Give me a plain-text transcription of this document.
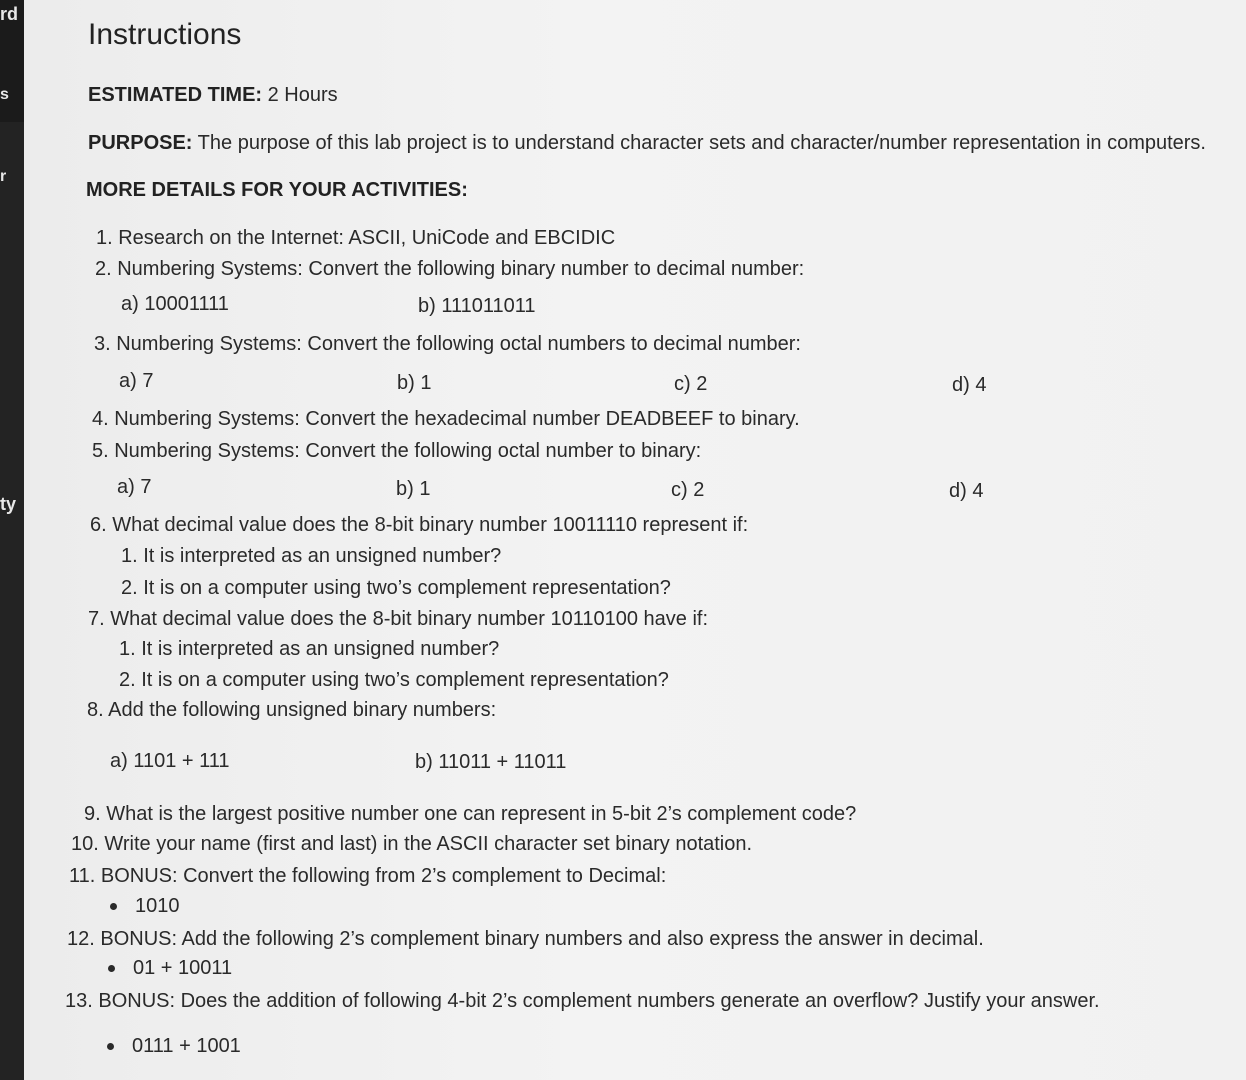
rd
s
r
ty
Instructions
ESTIMATED TIME: 2 Hours
PURPOSE: The purpose of this lab project is to understand character sets and character/number representation in computers.
MORE DETAILS FOR YOUR ACTIVITIES:
1. Research on the Internet: ASCII, UniCode and EBCIDIC
2. Numbering Systems: Convert the following binary number to decimal number:
a) 10001111	b) 111011011
3. Numbering Systems: Convert the following octal numbers to decimal number:
a) 7	b) 1	c) 2	d) 4
4. Numbering Systems: Convert the hexadecimal number DEADBEEF to binary.
5. Numbering Systems: Convert the following octal number to binary:
a) 7	b) 1	c) 2	d) 4
6. What decimal value does the 8-bit binary number 10011110 represent if:
1. It is interpreted as an unsigned number?
2. It is on a computer using two’s complement representation?
7. What decimal value does the 8-bit binary number 10110100 have if:
1. It is interpreted as an unsigned number?
2. It is on a computer using two’s complement representation?
8. Add the following unsigned binary numbers:
a) 1101 + 111	b) 11011 + 11011
9. What is the largest positive number one can represent in 5-bit 2’s complement code?
10. Write your name (first and last) in the ASCII character set binary notation.
11. BONUS: Convert the following from 2’s complement to Decimal:
1010
12. BONUS: Add the following 2’s complement binary numbers and also express the answer in decimal.
01 + 10011
13. BONUS: Does the addition of following 4-bit 2’s complement numbers generate an overflow? Justify your answer.
0111 + 1001
